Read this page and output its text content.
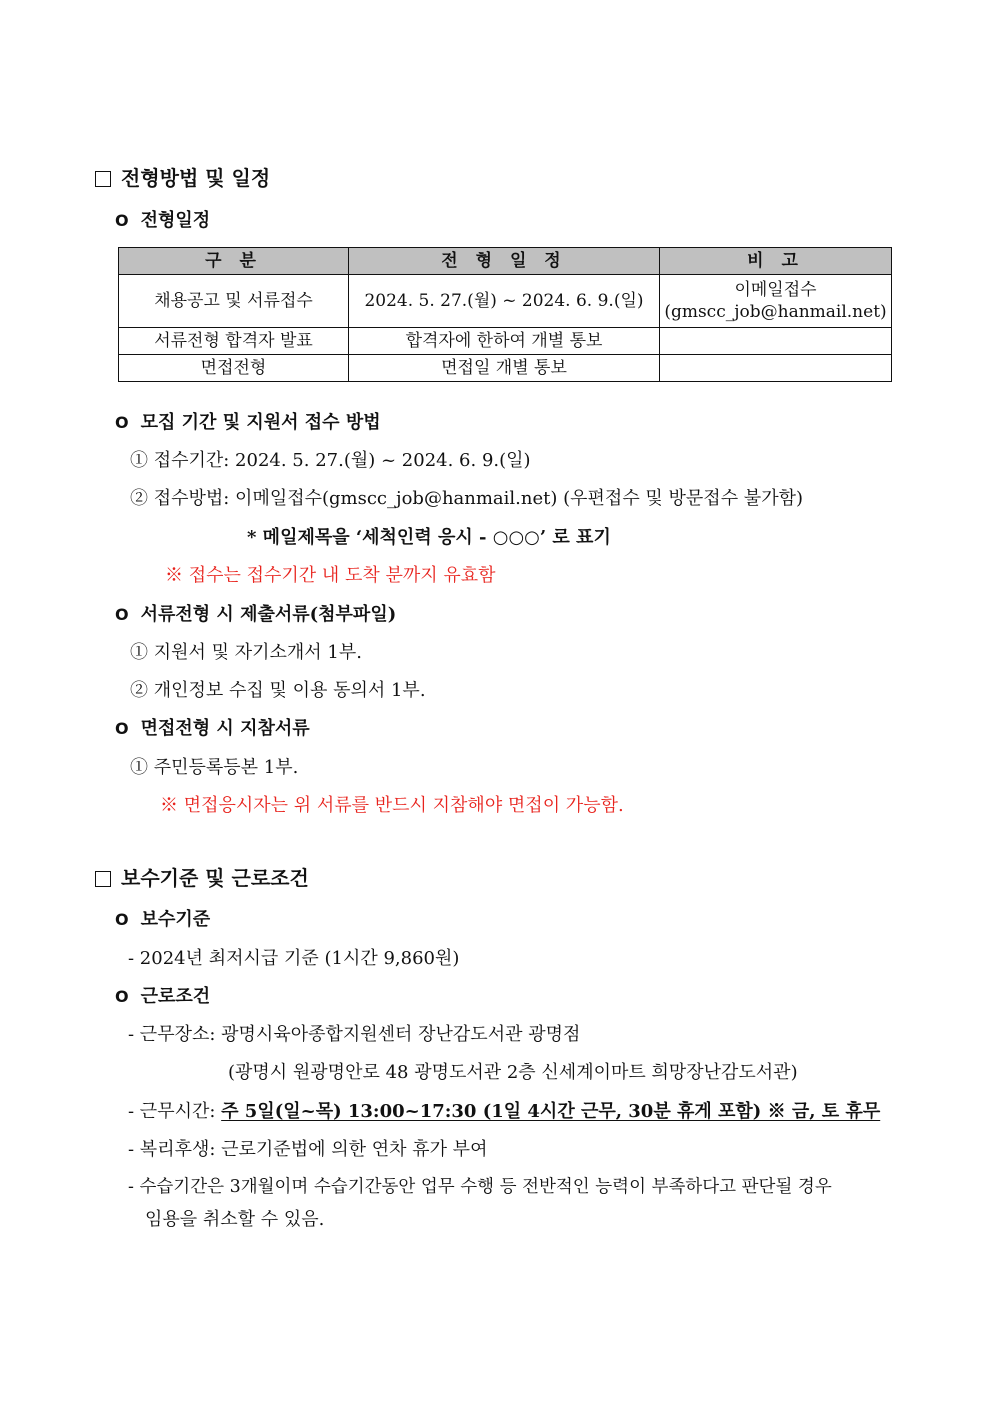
전형방법 및 일정
O 전형일정
구 분	전 형 일 정	비 고
채용공고 및 서류접수	2024. 5. 27.(월) ~ 2024. 6. 9.(일)	이메일접수
(gmscc_job@hanmail.net)

서류전형 합격자 발표	합격자에 한하여 개별 통보	
면접전형	면접일 개별 통보	
O 모집 기간 및 지원서 접수 방법
① 접수기간: 2024. 5. 27.(월) ~ 2024. 6. 9.(일)
② 접수방법: 이메일접수(gmscc_job@hanmail.net) (우편접수 및 방문접수 불가함)
* 메일제목을 ‘세척인력 응시 - ○○○’ 로 표기
※ 접수는 접수기간 내 도착 분까지 유효함
O 서류전형 시 제출서류(첨부파일)
① 지원서 및 자기소개서 1부.
② 개인정보 수집 및 이용 동의서 1부.
O 면접전형 시 지참서류
① 주민등록등본 1부.
※ 면접응시자는 위 서류를 반드시 지참해야 면접이 가능함.
보수기준 및 근로조건
O 보수기준
- 2024년 최저시급 기준 (1시간 9,860원)
O 근로조건
- 근무장소: 광명시육아종합지원센터 장난감도서관 광명점
(광명시 원광명안로 48 광명도서관 2층 신세계이마트 희망장난감도서관)
- 근무시간: 주 5일(일~목) 13:00~17:30 (1일 4시간 근무, 30분 휴게 포함) ※ 금, 토 휴무
- 복리후생: 근로기준법에 의한 연차 휴가 부여
- 수습기간은 3개월이며 수습기간동안 업무 수행 등 전반적인 능력이 부족하다고 판단될 경우
임용을 취소할 수 있음.
